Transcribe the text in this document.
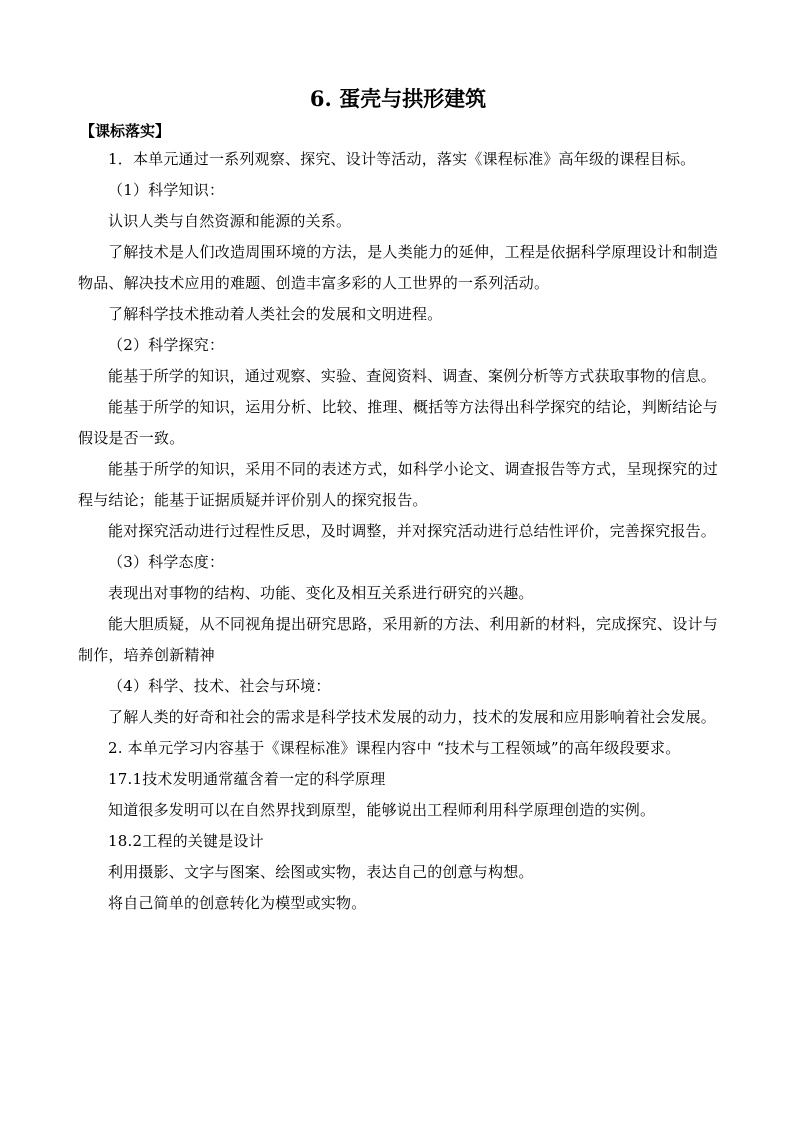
6. 蛋壳与拱形建筑

【课标落实】

1．本单元通过一系列观察、探究、设计等活动，落实《课程标准》高年级的课程目标。

（1）科学知识：

认识人类与自然资源和能源的关系。

了解技术是人们改造周围环境的方法，是人类能力的延伸，工程是依据科学原理设计和制造物品、解决技术应用的难题、创造丰富多彩的人工世界的一系列活动。

了解科学技术推动着人类社会的发展和文明进程。

（2）科学探究：

能基于所学的知识，通过观察、实验、查阅资料、调查、案例分析等方式获取事物的信息。

能基于所学的知识，运用分析、比较、推理、概括等方法得出科学探究的结论，判断结论与假设是否一致。

能基于所学的知识，采用不同的表述方式，如科学小论文、调查报告等方式，呈现探究的过程与结论；能基于证据质疑并评价别人的探究报告。

能对探究活动进行过程性反思，及时调整，并对探究活动进行总结性评价，完善探究报告。

（3）科学态度：

表现出对事物的结构、功能、变化及相互关系进行研究的兴趣。

能大胆质疑，从不同视角提出研究思路，采用新的方法、利用新的材料，完成探究、设计与制作，培养创新精神

（4）科学、技术、社会与环境：

了解人类的好奇和社会的需求是科学技术发展的动力，技术的发展和应用影响着社会发展。

2. 本单元学习内容基于《课程标准》课程内容中 “技术与工程领域”的高年级段要求。

17.1技术发明通常蕴含着一定的科学原理

知道很多发明可以在自然界找到原型，能够说出工程师利用科学原理创造的实例。

18.2工程的关键是设计

利用摄影、文字与图案、绘图或实物，表达自己的创意与构想。

将自己简单的创意转化为模型或实物。
